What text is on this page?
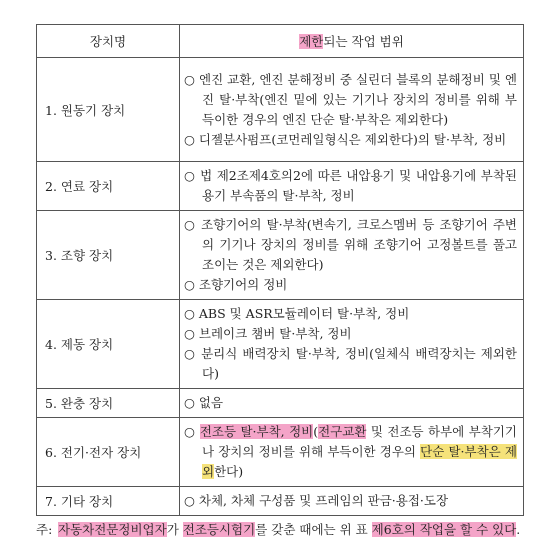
장치명	제한되는 작업 범위
1. 원동기 장치	○ 엔진 교환, 엔진 분해정비 중 실린더 블록의 분해정비 및 엔진 탈·부착(엔진 밑에 있는 기기나 장치의 정비를 위해 부득이한 경우의 엔진 단순 탈·부착은 제외한다)
○ 디젤분사펌프(코먼레일형식은 제외한다)의 탈·부착, 정비

2. 연료 장치	○ 법 제2조제4호의2에 따른 내압용기 및 내압용기에 부착된 용기 부속품의 탈·부착, 정비

3. 조향 장치	○ 조향기어의 탈·부착(변속기, 크로스멤버 등 조향기어 주변의 기기나 장치의 정비를 위해 조향기어 고정볼트를 풀고 조이는 것은 제외한다)
○ 조향기어의 정비

4. 제동 장치	○ ABS 및 ASR모듈레이터 탈·부착, 정비
○ 브레이크 챔버 탈·부착, 정비
○ 분리식 배력장치 탈·부착, 정비(일체식 배력장치는 제외한다)

5. 완충 장치	○ 없음

6. 전기·전자 장치	○ 전조등 탈·부착, 정비(전구교환 및 전조등 하부에 부착기기나 장치의 정비를 위해 부득이한 경우의 단순 탈·부착은 제외한다)

7. 기타 장치	○ 차체, 차체 구성품 및 프레임의 판금·용접·도장
주: 자동차전문정비업자가 전조등시험기를 갖춘 때에는 위 표 제6호의 작업을 할 수 있다.
